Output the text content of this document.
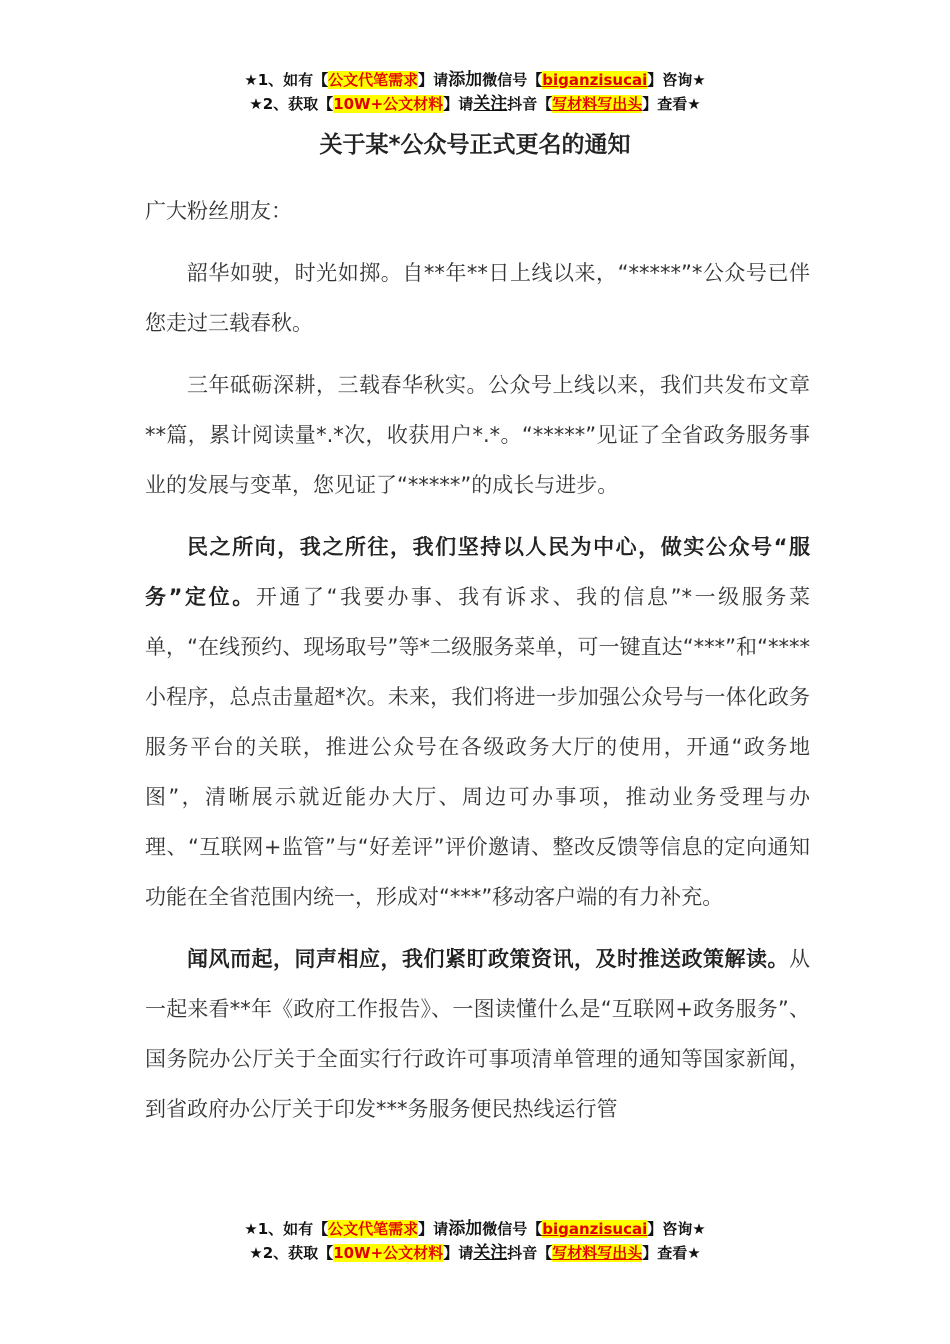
★1、如有【公文代笔需求】请添加微信号【biganzisucai】咨询★
★2、获取【10W+公文材料】请关注抖音【写材料写出头】查看★
关于某*公众号正式更名的通知
广大粉丝朋友：

韶华如驶，时光如掷。自**年**日上线以来，“*****”*公众号已伴您走过三载春秋。

三年砥砺深耕，三载春华秋实。公众号上线以来，我们共发布文章**篇，累计阅读量*.*次，收获用户*.*。“*****”见证了全省政务服务事业的发展与变革，您见证了“*****”的成长与进步。

民之所向，我之所往，我们坚持以人民为中心，做实公众号“服务”定位。开通了“我要办事、我有诉求、我的信息”*一级服务菜单，“在线预约、现场取号”等*二级服务菜单，可一键直达“***”和“****小程序，总点击量超*次。未来，我们将进一步加强公众号与一体化政务服务平台的关联，推进公众号在各级政务大厅的使用，开通“政务地图”，清晰展示就近能办大厅、周边可办事项，推动业务受理与办理、“互联网+监管”与“好差评”评价邀请、整改反馈等信息的定向通知功能在全省范围内统一，形成对“***”移动客户端的有力补充。

闻风而起，同声相应，我们紧盯政策资讯，及时推送政策解读。从一起来看**年《政府工作报告》、一图读懂什么是“互联网+政务服务”、国务院办公厅关于全面实行行政许可事项清单管理的通知等国家新闻，到省政府办公厅关于印发***务服务便民热线运行管

★1、如有【公文代笔需求】请添加微信号【biganzisucai】咨询★
★2、获取【10W+公文材料】请关注抖音【写材料写出头】查看★
